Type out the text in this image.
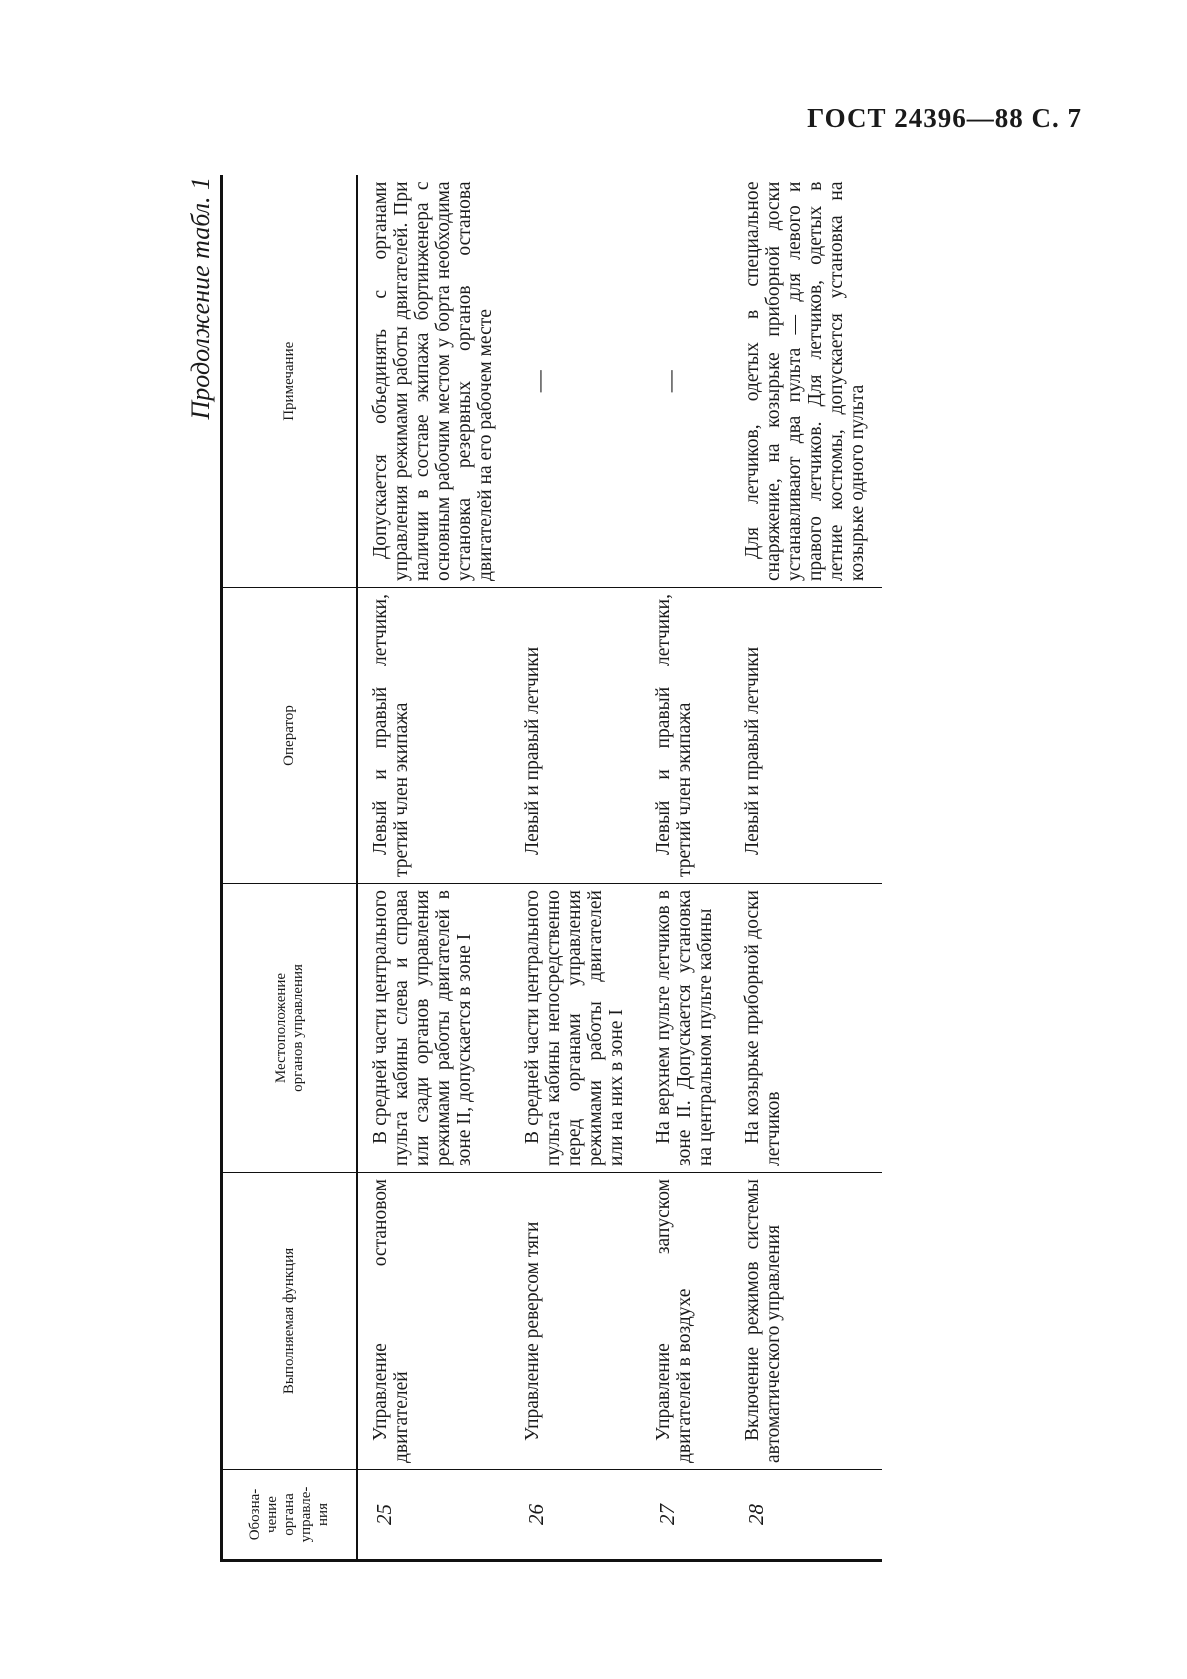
ГОСТ 24396—88 С. 7
Продолжение табл. 1
Обозна-
чение
органа
управле-
ния	Выполняемая функция	Местоположение
органов управления	Оператор	Примечание
25	Управление остановом двигателей	В средней части центрального пульта кабины слева и справа или сзади органов управления режимами работы двигателей в зоне II, допускается в зоне I	Левый и правый летчики, третий член экипажа	Допускается объединять с органами управления режимами работы двигателей. При наличии в составе экипажа бортинженера с основным рабочим местом у борта необходима установка резервных органов останова двигателей на его рабочем месте

26	Управление реверсом тяги	В средней части центрального пульта кабины непосредственно перед органами управления режимами работы двигателей или на них в зоне I	Левый и правый летчики	—
27	Управление запуском двигателей в воздухе	На верхнем пульте летчиков в зоне II. Допускается установка на центральном пульте кабины	Левый и правый летчики, третий член экипажа	—
28	Включение режимов системы автоматического управления	На козырьке приборной доски летчиков	Левый и правый летчики	Для летчиков, одетых в специальное снаряжение, на козырьке приборной доски устанавливают два пульта — для левого и правого летчиков. Для летчиков, одетых в летние костюмы, допускается установка на козырьке одного пульта
